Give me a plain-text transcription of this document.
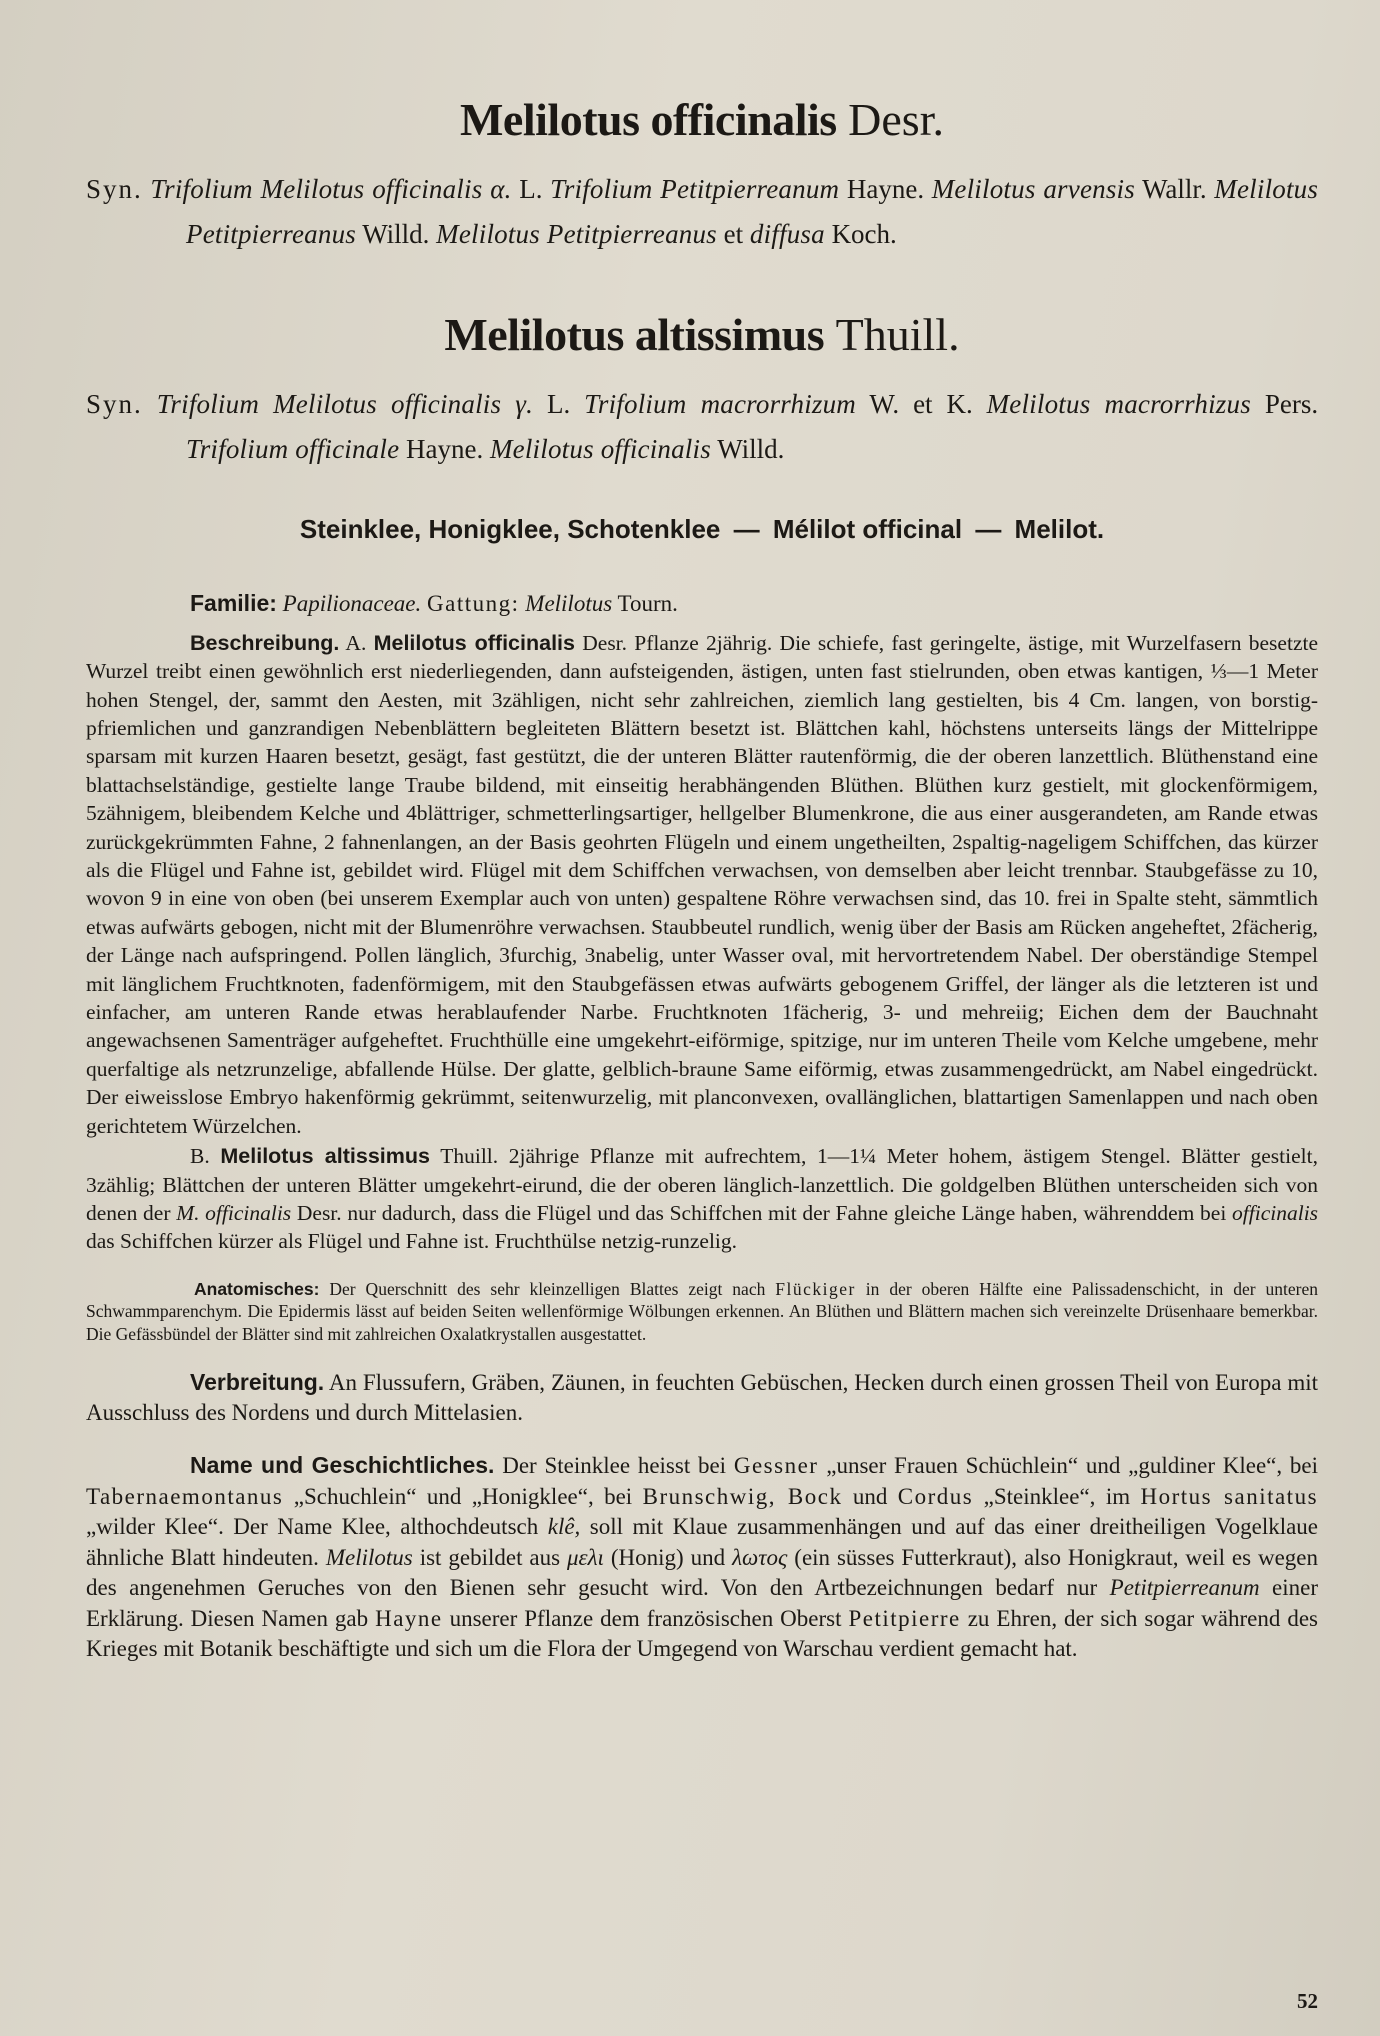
Melilotus officinalis Desr.

Syn. Trifolium Melilotus officinalis α. L. Trifolium Petitpierreanum Hayne. Melilotus arvensis Wallr. Melilotus Petitpierreanus Willd. Melilotus Petitpierreanus et diffusa Koch.

Melilotus altissimus Thuill.

Syn. Trifolium Melilotus officinalis γ. L. Trifolium macrorrhizum W. et K. Melilotus macrorrhizus Pers. Trifolium officinale Hayne. Melilotus officinalis Willd.

Steinklee, Honigklee, Schotenklee — Mélilot officinal — Melilot.

Familie: Papilionaceae. Gattung: Melilotus Tourn.

Beschreibung. A. Melilotus officinalis Desr. Pflanze 2jährig. Die schiefe, fast geringelte, ästige, mit Wurzelfasern besetzte Wurzel treibt einen gewöhnlich erst niederliegenden, dann aufsteigenden, ästigen, unten fast stielrunden, oben etwas kantigen, ⅓—1 Meter hohen Stengel, der, sammt den Aesten, mit 3zähligen, nicht sehr zahlreichen, ziemlich lang gestielten, bis 4 Cm. langen, von borstig-pfriemlichen und ganzrandigen Nebenblättern begleiteten Blättern besetzt ist. Blättchen kahl, höchstens unterseits längs der Mittelrippe sparsam mit kurzen Haaren besetzt, gesägt, fast gestützt, die der unteren Blätter rautenförmig, die der oberen lanzettlich. Blüthenstand eine blattachselständige, gestielte lange Traube bildend, mit einseitig herabhängenden Blüthen. Blüthen kurz gestielt, mit glockenförmigem, 5zähnigem, bleibendem Kelche und 4blättriger, schmetterlingsartiger, hellgelber Blumenkrone, die aus einer ausgerandeten, am Rande etwas zurückgekrümmten Fahne, 2 fahnenlangen, an der Basis geohrten Flügeln und einem ungetheilten, 2spaltig-nageligem Schiffchen, das kürzer als die Flügel und Fahne ist, gebildet wird. Flügel mit dem Schiffchen verwachsen, von demselben aber leicht trennbar. Staubgefässe zu 10, wovon 9 in eine von oben (bei unserem Exemplar auch von unten) gespaltene Röhre verwachsen sind, das 10. frei in Spalte steht, sämmtlich etwas aufwärts gebogen, nicht mit der Blumenröhre verwachsen. Staubbeutel rundlich, wenig über der Basis am Rücken angeheftet, 2fächerig, der Länge nach aufspringend. Pollen länglich, 3furchig, 3nabelig, unter Wasser oval, mit hervortretendem Nabel. Der oberständige Stempel mit länglichem Fruchtknoten, fadenförmigem, mit den Staubgefässen etwas aufwärts gebogenem Griffel, der länger als die letzteren ist und einfacher, am unteren Rande etwas herablaufender Narbe. Fruchtknoten 1fächerig, 3- und mehreiig; Eichen dem der Bauchnaht angewachsenen Samenträger aufgeheftet. Fruchthülle eine umgekehrt-eiförmige, spitzige, nur im unteren Theile vom Kelche umgebene, mehr querfaltige als netzrunzelige, abfallende Hülse. Der glatte, gelblich-braune Same eiförmig, etwas zusammengedrückt, am Nabel eingedrückt. Der eiweisslose Embryo hakenförmig gekrümmt, seitenwurzelig, mit planconvexen, ovallänglichen, blattartigen Samenlappen und nach oben gerichtetem Würzelchen.

B. Melilotus altissimus Thuill. 2jährige Pflanze mit aufrechtem, 1—1¼ Meter hohem, ästigem Stengel. Blätter gestielt, 3zählig; Blättchen der unteren Blätter umgekehrt-eirund, die der oberen länglich-lanzettlich. Die goldgelben Blüthen unterscheiden sich von denen der M. officinalis Desr. nur dadurch, dass die Flügel und das Schiffchen mit der Fahne gleiche Länge haben, währenddem bei officinalis das Schiffchen kürzer als Flügel und Fahne ist. Fruchthülse netzig-runzelig.

Anatomisches: Der Querschnitt des sehr kleinzelligen Blattes zeigt nach Flückiger in der oberen Hälfte eine Palissadenschicht, in der unteren Schwammparenchym. Die Epidermis lässt auf beiden Seiten wellenförmige Wölbungen erkennen. An Blüthen und Blättern machen sich vereinzelte Drüsenhaare bemerkbar. Die Gefässbündel der Blätter sind mit zahlreichen Oxalatkrystallen ausgestattet.

Verbreitung. An Flussufern, Gräben, Zäunen, in feuchten Gebüschen, Hecken durch einen grossen Theil von Europa mit Ausschluss des Nordens und durch Mittelasien.

Name und Geschichtliches. Der Steinklee heisst bei Gessner „unser Frauen Schüchlein“ und „guldiner Klee“, bei Tabernaemontanus „Schuchlein“ und „Honigklee“, bei Brunschwig, Bock und Cordus „Steinklee“, im Hortus sanitatus „wilder Klee“. Der Name Klee, althochdeutsch klê, soll mit Klaue zusammenhängen und auf das einer dreitheiligen Vogelklaue ähnliche Blatt hindeuten. Melilotus ist gebildet aus μελι (Honig) und λωτος (ein süsses Futterkraut), also Honigkraut, weil es wegen des angenehmen Geruches von den Bienen sehr gesucht wird. Von den Artbezeichnungen bedarf nur Petitpierreanum einer Erklärung. Diesen Namen gab Hayne unserer Pflanze dem französischen Oberst Petitpierre zu Ehren, der sich sogar während des Krieges mit Botanik beschäftigte und sich um die Flora der Umgegend von Warschau verdient gemacht hat.

52
